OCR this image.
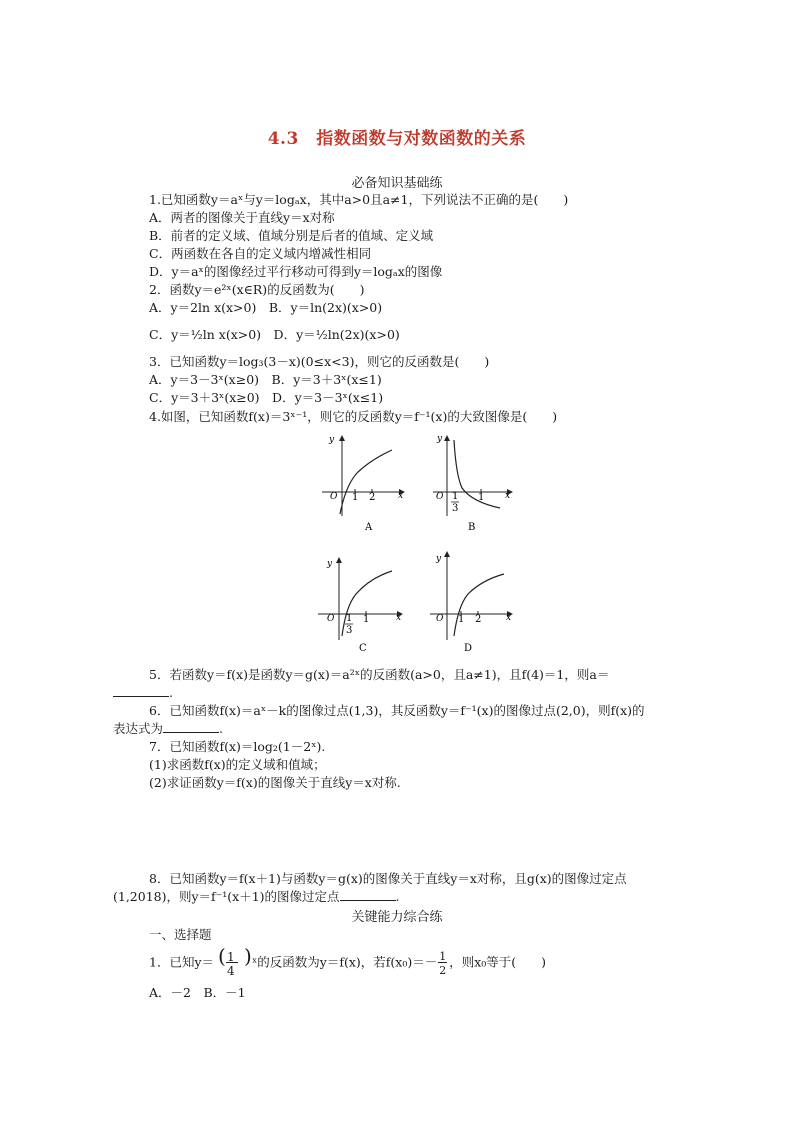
4.3　指数函数与对数函数的关系
必备知识基础练
1.已知函数y＝aˣ与y＝logₐx，其中a>0且a≠1，下列说法不正确的是(　　)
A．两者的图像关于直线y＝x对称
B．前者的定义域、值域分别是后者的值域、定义域
C．两函数在各自的定义域内增减性相同
D．y＝aˣ的图像经过平行移动可得到y＝logₐx的图像
2．函数y＝e²ˣ(x∈R)的反函数为(　　)
A．y＝2ln x(x>0)　B．y＝ln(2x)(x>0)
C．y＝½ln x(x>0)　D．y＝½ln(2x)(x>0)
3．已知函数y＝log₃(3－x)(0≤x<3)，则它的反函数是(　　)
A．y＝3－3ˣ(x≥0)　B．y＝3＋3ˣ(x≤1)
C．y＝3＋3ˣ(x≥0)　D．y＝3－3ˣ(x≤1)
4.如图，已知函数f(x)＝3ˣ⁻¹，则它的反函数y＝f⁻¹(x)的大致图像是(　　)
y
x
O 1 2
A
y
x
O 1
3
1
B
y
x
O 1
3
1
C
y
x
O 1 2
D
5．若函数y＝f(x)是函数y＝g(x)＝a²ˣ的反函数(a>0，且a≠1)，且f(4)＝1，则a＝
.
6．已知函数f(x)＝aˣ－k的图像过点(1,3)，其反函数y＝f⁻¹(x)的图像过点(2,0)，则f(x)的
表达式为	.
7．已知函数f(x)＝log₂(1－2ˣ).
(1)求函数f(x)的定义域和值域；
(2)求证函数y＝f(x)的图像关于直线y＝x对称.
8．已知函数y＝f(x＋1)与函数y＝g(x)的图像关于直线y＝x对称，且g(x)的图像过定点
(1,2018)，则y＝f⁻¹(x＋1)的图像过定点	.
关键能力综合练
一、选择题
1．已知y＝ ( 1
4
) ˣ的反函数为y＝f(x)，若$f(x_0)=- \frac{1}{2}$ ，则x₀等于(　　)
A．－2　B．－1
